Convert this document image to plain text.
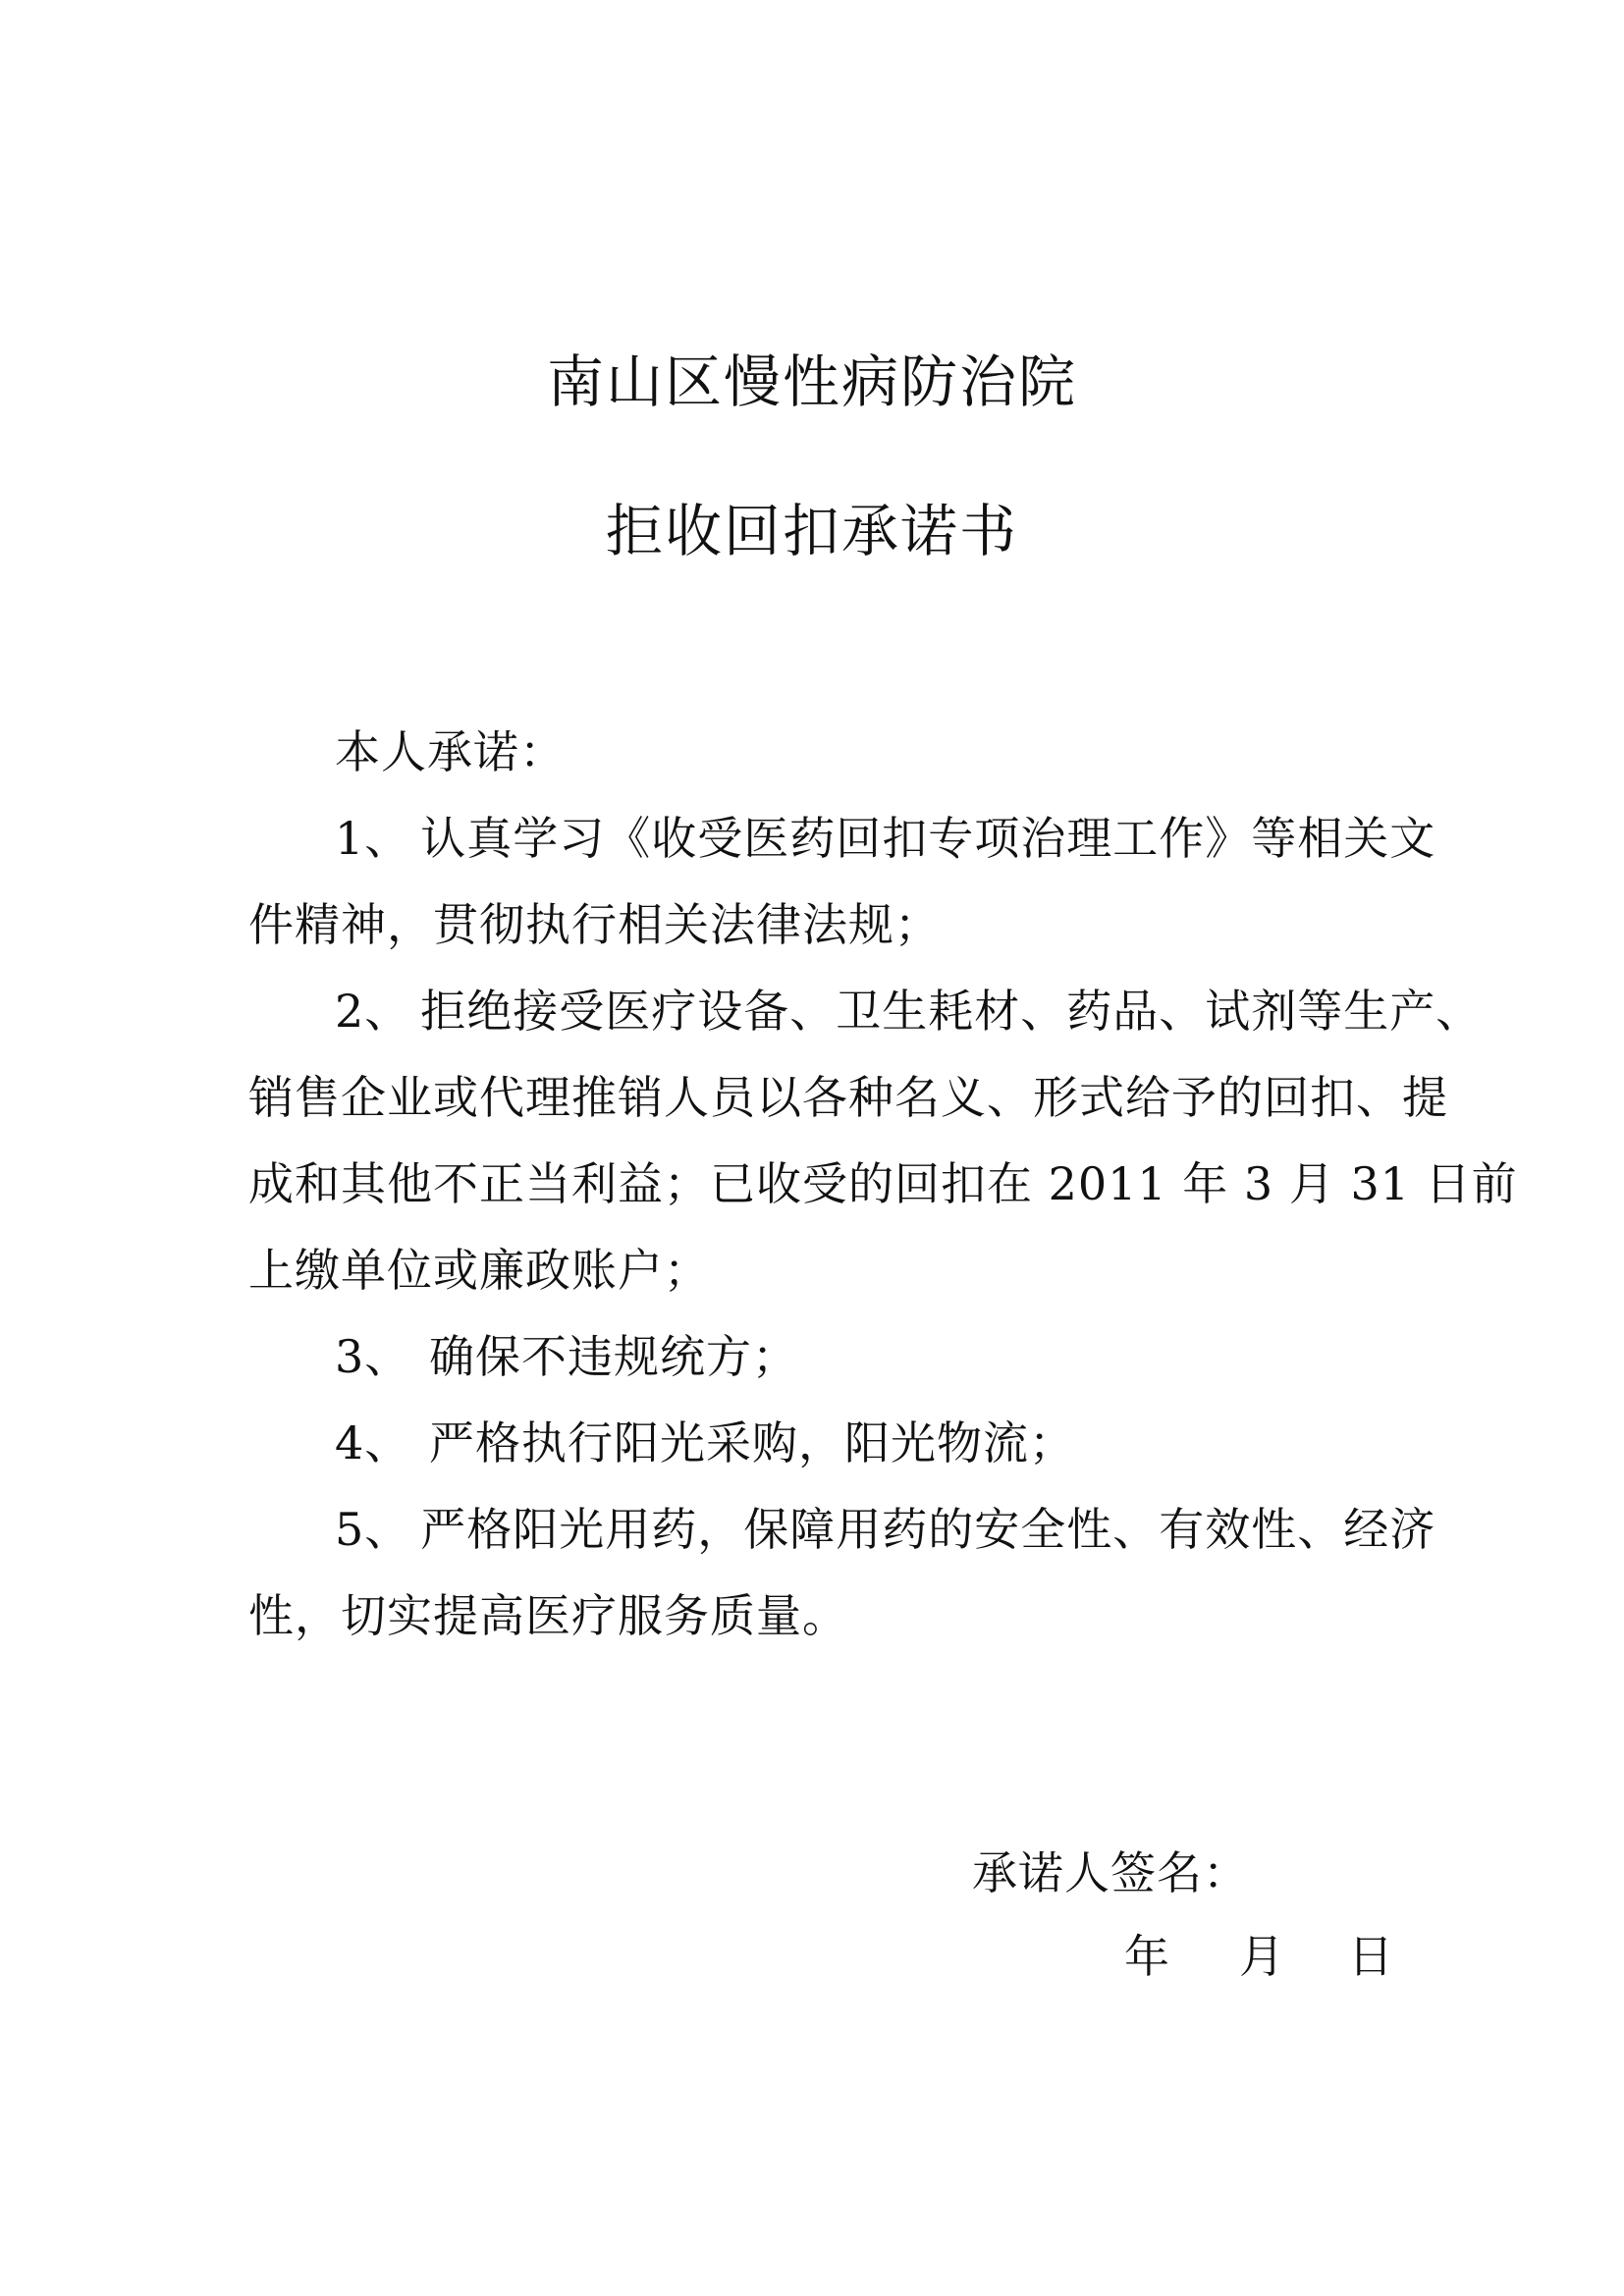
南山区慢性病防治院
拒收回扣承诺书
本人承诺：
1、 认真学习《收受医药回扣专项治理工作》等相关文
件精神，贯彻执行相关法律法规；
2、 拒绝接受医疗设备、卫生耗材、药品、试剂等生产、
销售企业或代理推销人员以各种名义、形式给予的回扣、提
成和其他不正当利益；已收受的回扣在 2011 年 3 月 31 日前
上缴单位或廉政账户；
3、 确保不违规统方；
4、 严格执行阳光采购，阳光物流；
5、 严格阳光用药，保障用药的安全性、有效性、经济
性，切实提高医疗服务质量。
承诺人签名：
年 月 日
